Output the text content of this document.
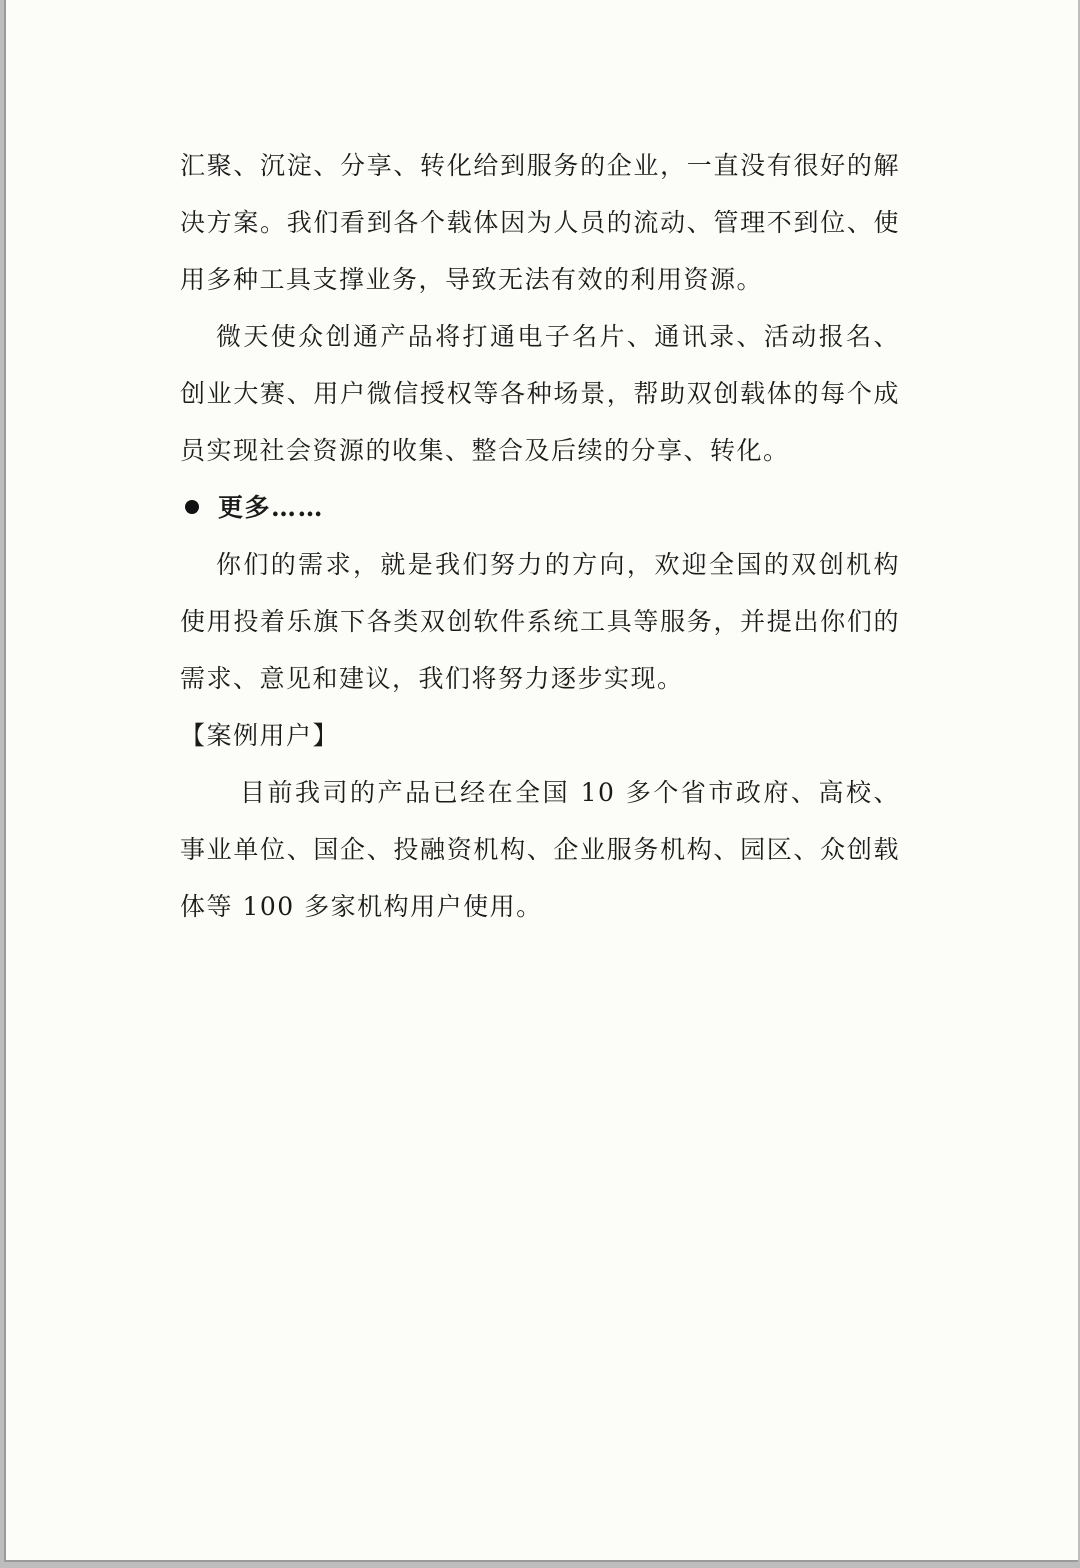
汇聚、沉淀、分享、转化给到服务的企业，一直没有很好的解决方案。我们看到各个载体因为人员的流动、管理不到位、使用多种工具支撑业务，导致无法有效的利用资源。

微天使众创通产品将打通电子名片、通讯录、活动报名、创业大赛、用户微信授权等各种场景，帮助双创载体的每个成员实现社会资源的收集、整合及后续的分享、转化。

更多……

你们的需求，就是我们努力的方向，欢迎全国的双创机构使用投着乐旗下各类双创软件系统工具等服务，并提出你们的需求、意见和建议，我们将努力逐步实现。

【案例用户】

目前我司的产品已经在全国 10 多个省市政府、高校、事业单位、国企、投融资机构、企业服务机构、园区、众创载体等 100 多家机构用户使用。
